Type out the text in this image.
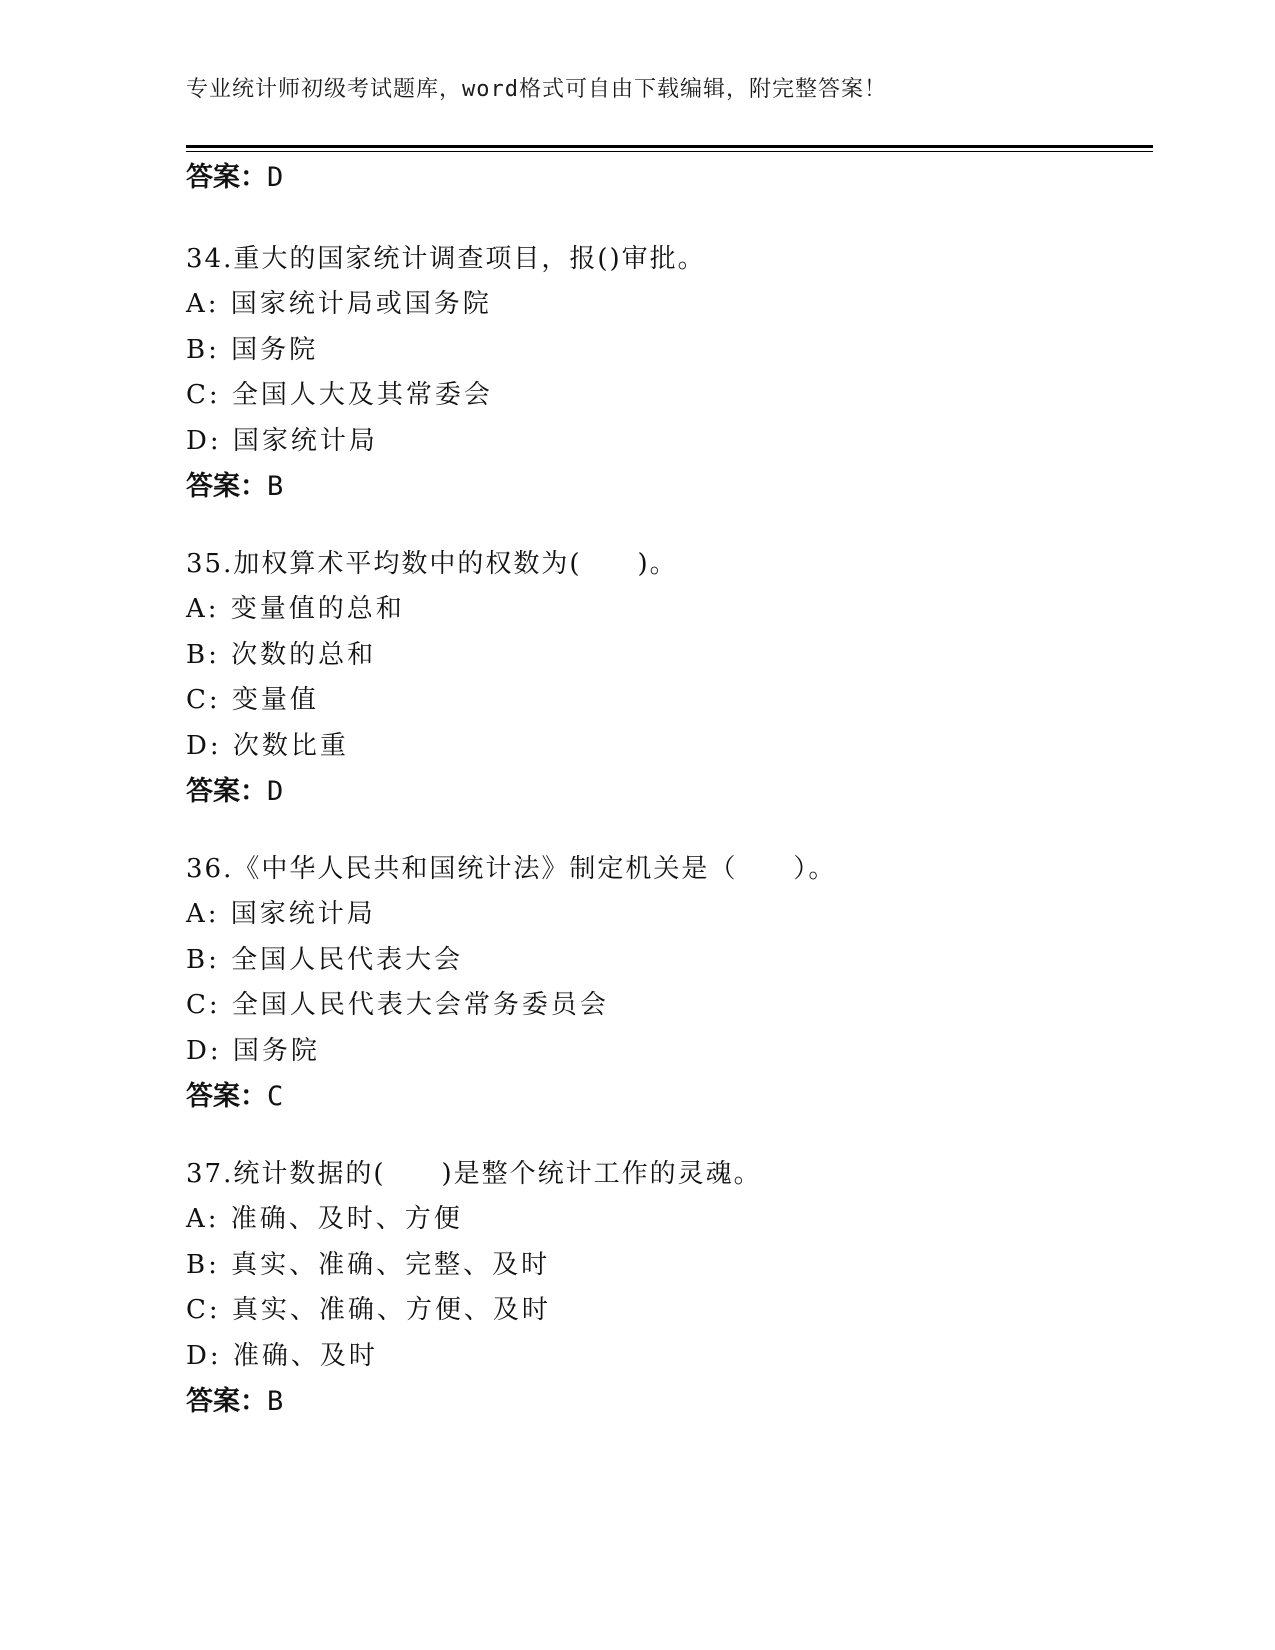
专业统计师初级考试题库，word格式可自由下载编辑，附完整答案！
答案：D
34.重大的国家统计调查项目，报()审批。
A: 国家统计局或国务院
B: 国务院
C: 全国人大及其常委会
D: 国家统计局
答案：B
35.加权算术平均数中的权数为(　　)。
A: 变量值的总和
B: 次数的总和
C: 变量值
D: 次数比重
答案：D
36.《中华人民共和国统计法》制定机关是（　　）。
A: 国家统计局
B: 全国人民代表大会
C: 全国人民代表大会常务委员会
D: 国务院
答案：C
37.统计数据的(　　)是整个统计工作的灵魂。
A: 准确、及时、方便
B: 真实、准确、完整、及时
C: 真实、准确、方便、及时
D: 准确、及时
答案：B
